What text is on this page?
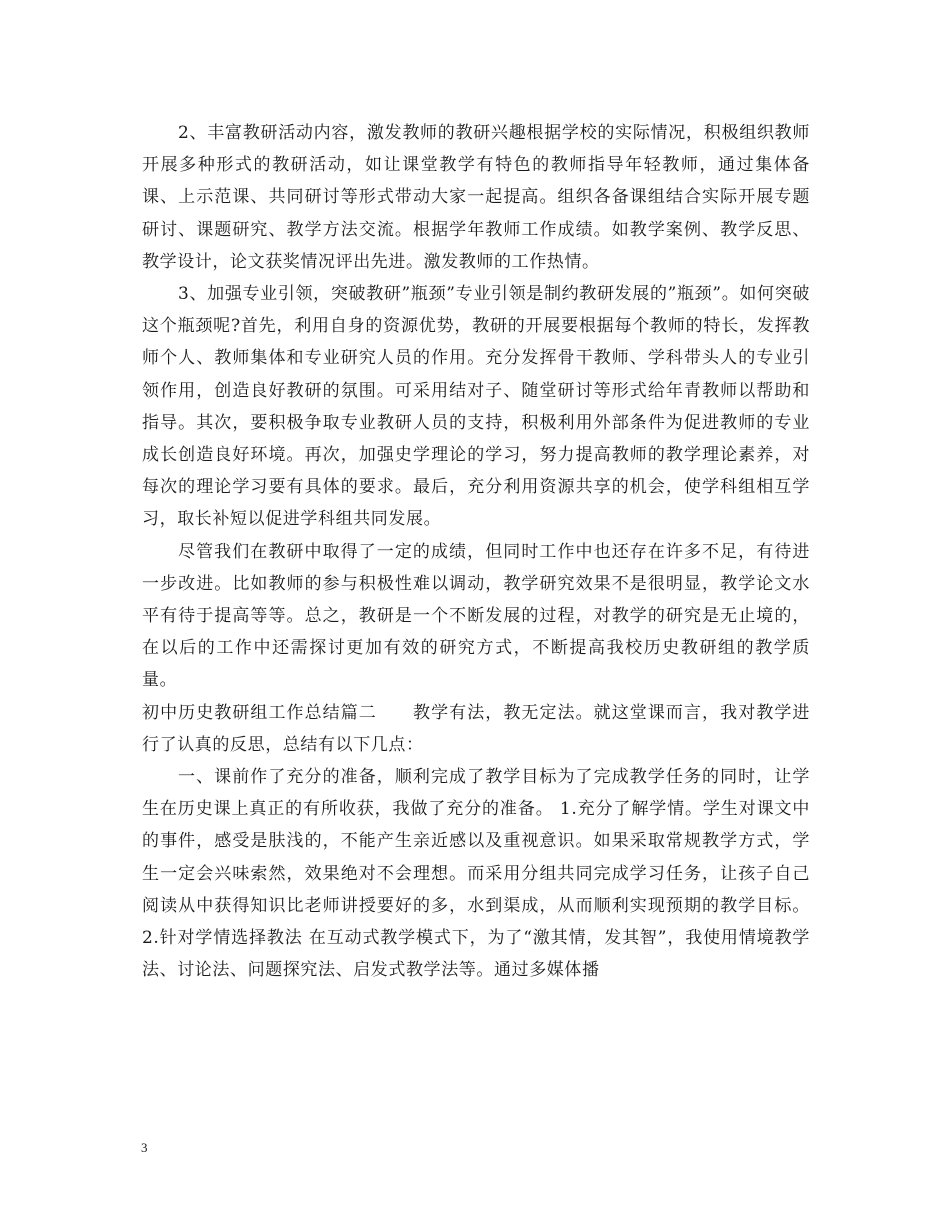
2、丰富教研活动内容，激发教师的教研兴趣根据学校的实际情况，积极组织教师开展多种形式的教研活动，如让课堂教学有特色的教师指导年轻教师，通过集体备课、上示范课、共同研讨等形式带动大家一起提高。组织各备课组结合实际开展专题研讨、课题研究、教学方法交流。根据学年教师工作成绩。如教学案例、教学反思、教学设计，论文获奖情况评出先进。激发教师的工作热情。

3、加强专业引领，突破教研”瓶颈”专业引领是制约教研发展的”瓶颈”。如何突破这个瓶颈呢?首先，利用自身的资源优势，教研的开展要根据每个教师的特长，发挥教师个人、教师集体和专业研究人员的作用。充分发挥骨干教师、学科带头人的专业引领作用，创造良好教研的氛围。可采用结对子、随堂研讨等形式给年青教师以帮助和指导。其次，要积极争取专业教研人员的支持，积极利用外部条件为促进教师的专业成长创造良好环境。再次，加强史学理论的学习，努力提高教师的教学理论素养，对每次的理论学习要有具体的要求。最后，充分利用资源共享的机会，使学科组相互学习，取长补短以促进学科组共同发展。

尽管我们在教研中取得了一定的成绩，但同时工作中也还存在许多不足，有待进一步改进。比如教师的参与积极性难以调动，教学研究效果不是很明显，教学论文水平有待于提高等等。总之，教研是一个不断发展的过程，对教学的研究是无止境的，在以后的工作中还需探讨更加有效的研究方式，不断提高我校历史教研组的教学质量。

初中历史教研组工作总结篇二　　教学有法，教无定法。就这堂课而言，我对教学进行了认真的反思，总结有以下几点：

一、课前作了充分的准备，顺利完成了教学目标为了完成教学任务的同时，让学生在历史课上真正的有所收获，我做了充分的准备。 1.充分了解学情。学生对课文中的事件，感受是肤浅的，不能产生亲近感以及重视意识。如果采取常规教学方式，学生一定会兴味索然，效果绝对不会理想。而采用分组共同完成学习任务，让孩子自己阅读从中获得知识比老师讲授要好的多，水到渠成，从而顺利实现预期的教学目标。 2.针对学情选择教法 在互动式教学模式下，为了“激其情，发其智”，我使用情境教学法、讨论法、问题探究法、启发式教学法等。通过多媒体播

3
